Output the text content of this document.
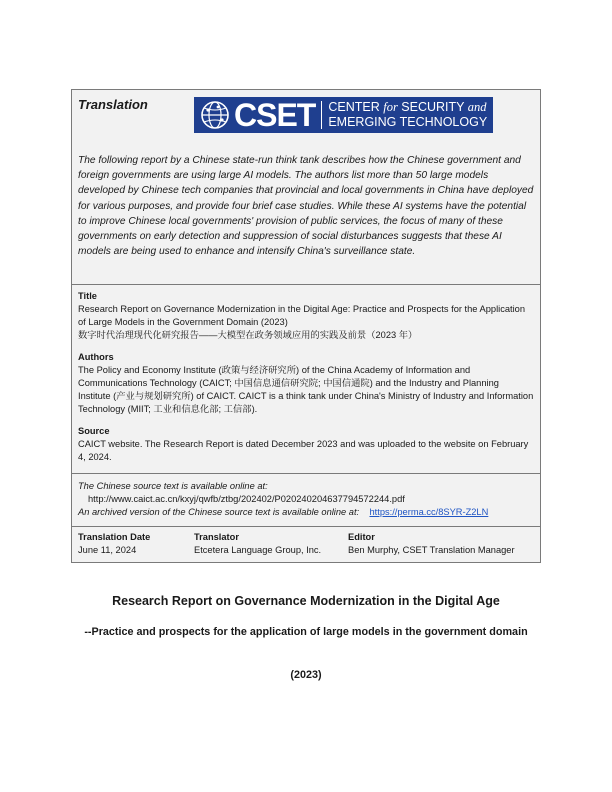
Translation	CSET CENTER for SECURITY and
EMERGING TECHNOLOGY
The following report by a Chinese state-run think tank describes how the Chinese government and foreign governments are using large AI models. The authors list more than 50 large models developed by Chinese tech companies that provincial and local governments in China have deployed for various purposes, and provide four brief case studies. While these AI systems have the potential to improve Chinese local governments' provision of public services, the focus of many of these governments on early detection and suppression of social disturbances suggests that these AI models are being used to enhance and intensify China's surveillance state.
Title
Research Report on Governance Modernization in the Digital Age: Practice and Prospects for the Application of Large Models in the Government Domain (2023)
数字时代治理现代化研究报告——大模型在政务领域应用的实践及前景（2023 年）
Authors
The Policy and Economy Institute (政策与经济研究所) of the China Academy of Information and Communications Technology (CAICT; 中国信息通信研究院; 中国信通院) and the Industry and Planning Institute (产业与规划研究所) of CAICT. CAICT is a think tank under China's Ministry of Industry and Information Technology (MIIT; 工业和信息化部; 工信部).
Source
CAICT website. The Research Report is dated December 2023 and was uploaded to the website on February 4, 2024.
The Chinese source text is available online at:
http://www.caict.ac.cn/kxyj/qwfb/ztbg/202402/P020240204637794572244.pdf
An archived version of the Chinese source text is available online at: https://perma.cc/8SYR-Z2LN
Translation Date	Translator	Editor
June 11, 2024	Etcetera Language Group, Inc.	Ben Murphy, CSET Translation Manager
Research Report on Governance Modernization in the Digital Age
--Practice and prospects for the application of large models in the government domain
(2023)
